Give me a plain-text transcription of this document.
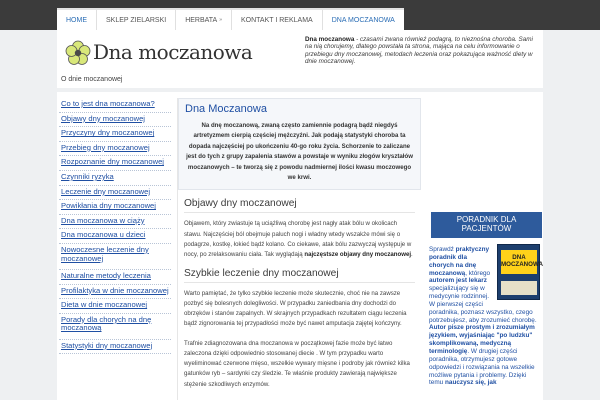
HOME	SKLEP ZIELARSKI	HERBATA »	KONTAKT I REKLAMA	DNA MOCZANOWA
Dna moczanowa
O dnie moczanowej
Dna moczanowa - czasami zwana również podagrą, to nieznośna choroba. Sami na nią chorujemy, dlatego powstała ta strona, mająca na celu informowanie o przebiegu dny moczanowej, metodach leczenia oraz pokazująca ważność diety w dnie moczanowej.
Co to jest dna moczanowa?
Objawy dny moczanowej
Przyczyny dny moczanowej
Przebieg dny moczanowej
Rozpoznanie dny moczanowej
Czynniki ryzyka
Leczenie dny moczanowej
Powikłania dny moczanowej
Dna moczanowa w ciąży
Dna moczanowa u dzieci
Nowoczesne leczenie dny moczanowej
Naturalne metody leczenia
Profilaktyka w dnie moczanowej
Dieta w dnie moczanowej
Porady dla chorych na dnę moczanową
Statystyki dny moczanowej
Dna Moczanowa
Na dnę moczanową, zwaną często zamiennie podagrą bądź niegdyś artretyzmem cierpią częściej mężczyźni. Jak podają statystyki choroba ta dopada najczęściej po ukończeniu 40-go roku życia. Schorzenie to zaliczane jest do tych z grupy zapalenia stawów a powstaje w wyniku złogów kryształów moczanowych – te tworzą się z powodu nadmiernej ilości kwasu moczowego we krwi.
Objawy dny moczanowej
Objawem, który zwiastuje tą uciążliwą chorobę jest nagły atak bólu w okolicach stawu. Najczęściej ból obejmuje paluch nogi i władny wtedy wszakże mówi się o podagrze, kostkę, łokieć bądź kolano. Co ciekawe, atak bólu zazwyczaj występuje w nocy, po zrelaksowaniu ciała. Tak wyglądają najczęstsze objawy dny moczanowej.
Szybkie leczenie dny moczanowej
Warto pamiętać, że tylko szybkie leczenie może skutecznie, choć nie na zawsze pozbyć się bolesnych dolegliwości. W przypadku zaniedbania dny dochodzi do obrzęków i stanów zapalnych. W skrajnych przypadkach rezultatem ciągu leczenia bądź zignorowania tej przypadłości może być nawet amputacja zajętej kończyny.
Trafnie zdiagnozowana dna moczanowa w początkowej fazie może być łatwo zaleczona dzięki odpowiednio stosowanej diecie . W tym przypadku warto wyeliminować czerwone mięso, wszelkie wywary mięsne i podroby jak również kilka gatunków ryb – sardynki czy śledzie. Te właśnie produkty zawierają największe stężenie szkodliwych enzymów.
PORADNIK DLA PACJENTÓW
DNA MOCZANOWA
Sprawdź praktyczny poradnik dla chorych na dnę moczanową, którego autorem jest lekarz specjalizujący się w medycynie rodzinnej. W pierwszej części poradnika, poznasz wszystko, czego potrzebujesz, aby zrozumieć chorobę. Autor pisze prostym i zrozumiałym językiem, wyjaśniając "po ludzku" skomplikowaną, medyczną terminologię. W drugiej części poradnika, otrzymujesz gotowe odpowiedzi i rozwiązania na wszelkie możliwe pytania i problemy. Dzięki temu nauczysz się, jak
